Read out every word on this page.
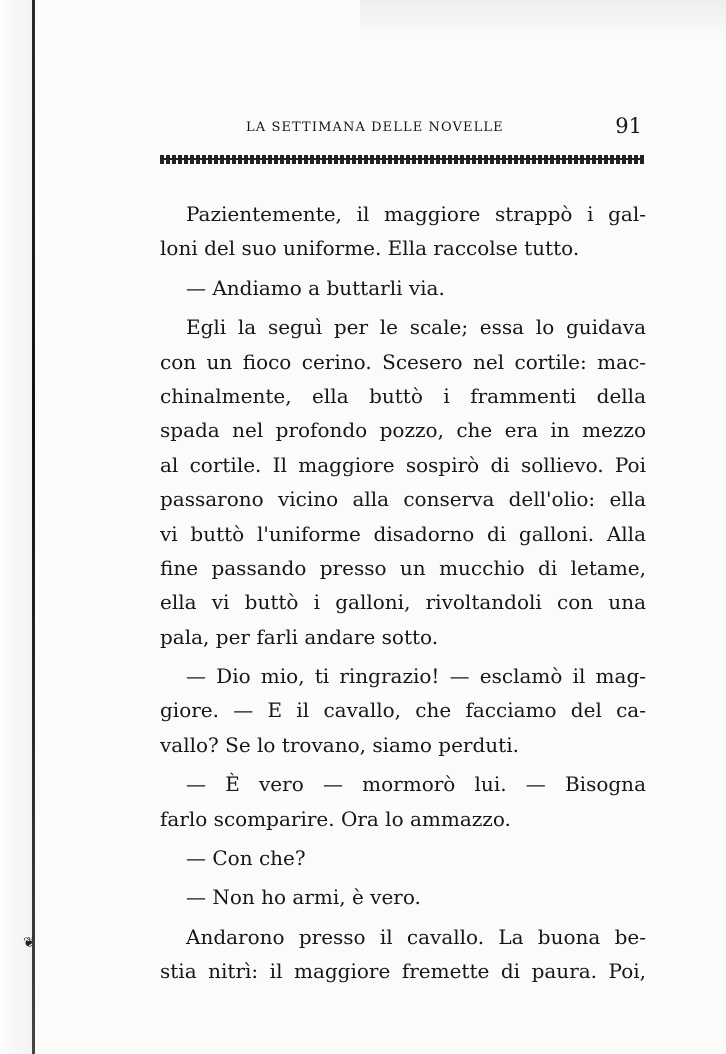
❦
LA SETTIMANA DELLE NOVELLE	91
Pazientemente, il maggiore strappò i gal-
loni del suo uniforme. Ella raccolse tutto.
— Andiamo a buttarli via.
Egli la seguì per le scale; essa lo guidava
con un fioco cerino. Scesero nel cortile: mac-
chinalmente, ella buttò i frammenti della
spada nel profondo pozzo, che era in mezzo
al cortile. Il maggiore sospirò di sollievo. Poi
passarono vicino alla conserva dell'olio: ella
vi buttò l'uniforme disadorno di galloni. Alla
fine passando presso un mucchio di letame,
ella vi buttò i galloni, rivoltandoli con una
pala, per farli andare sotto.
— Dio mio, ti ringrazio! — esclamò il mag-
giore. — E il cavallo, che facciamo del ca-
vallo? Se lo trovano, siamo perduti.
— È vero — mormorò lui. — Bisogna
farlo scomparire. Ora lo ammazzo.
— Con che?
— Non ho armi, è vero.
Andarono presso il cavallo. La buona be-
stia nitrì: il maggiore fremette di paura. Poi,
